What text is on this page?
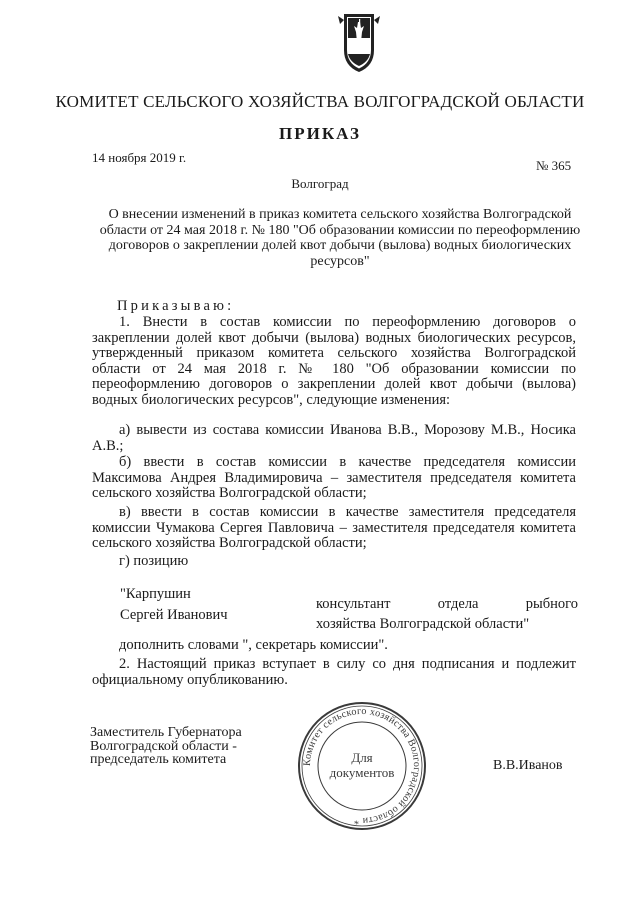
КОМИТЕТ СЕЛЬСКОГО ХОЗЯЙСТВА ВОЛГОГРАДСКОЙ ОБЛАСТИ
ПРИКАЗ
14 ноября 2019 г.
№ 365
Волгоград
О внесении изменений в приказ комитета сельского хозяйства Волгоградской области от 24 мая 2018 г. № 180 "Об образовании комиссии по переоформлению договоров о закреплении долей квот добычи (вылова) водных биологических ресурсов"
Приказываю:
1. Внести в состав комиссии по переоформлению договоров о закреплении долей квот добычи (вылова) водных биологических ресурсов, утвержденный приказом комитета сельского хозяйства Волгоградской области от 24 мая 2018 г. № 180 "Об образовании комиссии по переоформлению договоров о закреплении долей квот добычи (вылова) водных биологических ресурсов", следующие изменения:
а) вывести из состава комиссии Иванова В.В., Морозову М.В., Носика А.В.;
б) ввести в состав комиссии в качестве председателя комиссии Максимова Андрея Владимировича – заместителя председателя комитета сельского хозяйства Волгоградской области;
в) ввести в состав комиссии в качестве заместителя председателя комиссии Чумакова Сергея Павловича – заместителя председателя комитета сельского хозяйства Волгоградской области;
г) позицию
"Карпушин
Сергей Иванович
консультант отдела рыбного
хозяйства Волгоградской области"
дополнить словами ", секретарь комиссии".
2. Настоящий приказ вступает в силу со дня подписания и подлежит официальному опубликованию.
Заместитель Губернатора
Волгоградской области -
председатель комитета	В.В.Иванов
Комитет сельского хозяйства Волгоградской области *
Для
документов
